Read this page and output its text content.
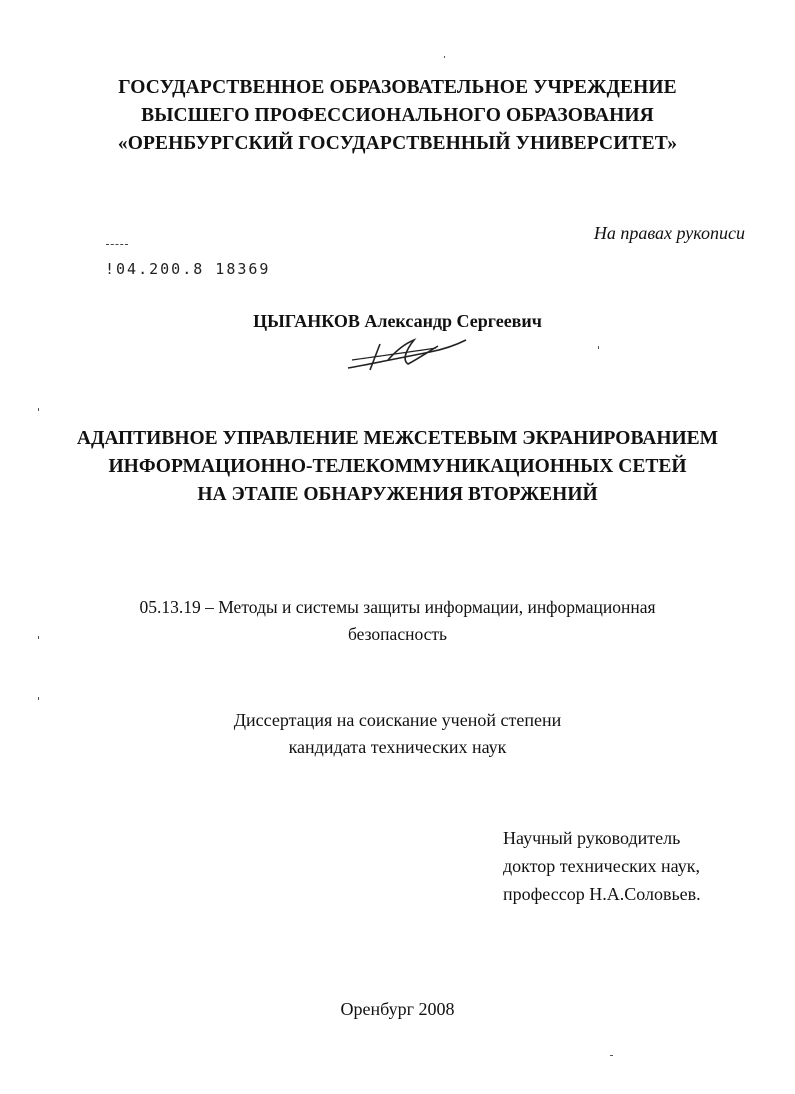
ГОСУДАРСТВЕННОЕ ОБРАЗОВАТЕЛЬНОЕ УЧРЕЖДЕНИЕ
ВЫСШЕГО ПРОФЕССИОНАЛЬНОГО ОБРАЗОВАНИЯ
«ОРЕНБУРГСКИЙ ГОСУДАРСТВЕННЫЙ УНИВЕРСИТЕТ»
На правах рукописи
!04.200.8 18369
ЦЫГАНКОВ Александр Сергеевич
АДАПТИВНОЕ УПРАВЛЕНИЕ МЕЖСЕТЕВЫМ ЭКРАНИРОВАНИЕМ
ИНФОРМАЦИОННО-ТЕЛЕКОММУНИКАЦИОННЫХ СЕТЕЙ
НА ЭТАПЕ ОБНАРУЖЕНИЯ ВТОРЖЕНИЙ
05.13.19 – Методы и системы защиты информации, информационная
безопасность
Диссертация на соискание ученой степени
кандидата технических наук
Научный руководитель
доктор технических наук,
профессор Н.А.Соловьев.
Оренбург 2008
